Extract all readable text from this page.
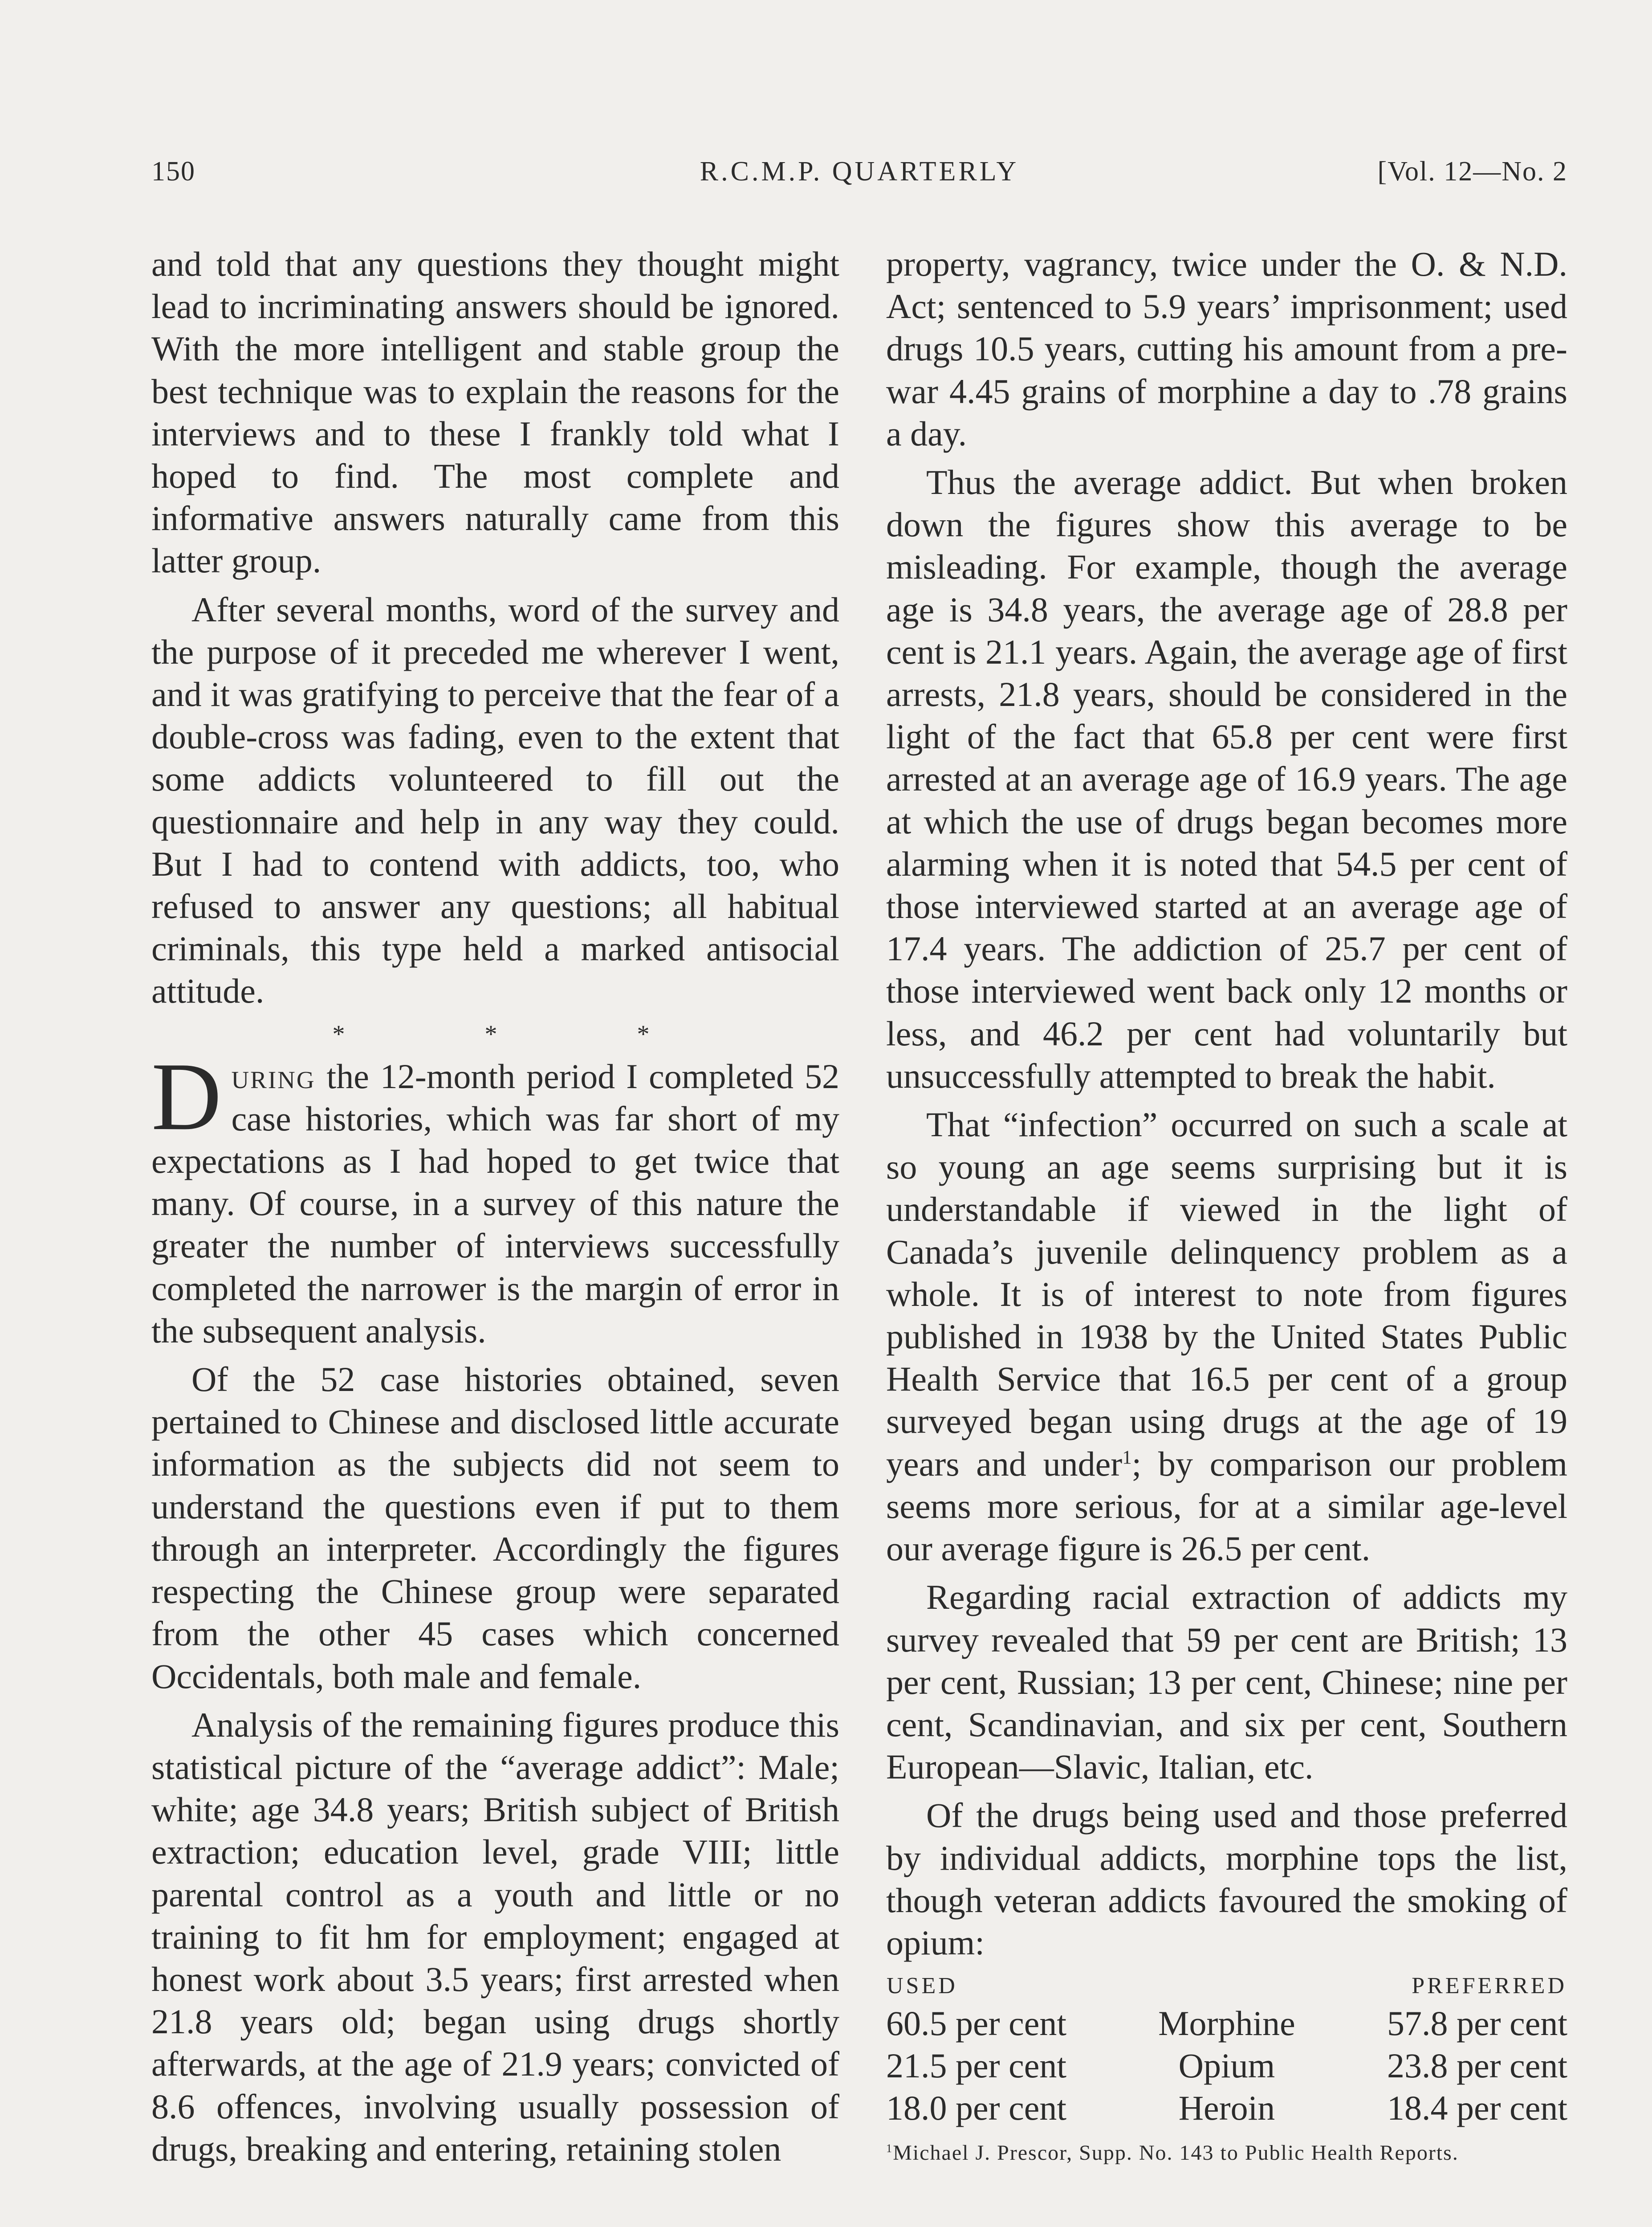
150	R.C.M.P. QUARTERLY	[Vol. 12—No. 2

and told that any questions they thought might lead to incriminating answers should be ignored. With the more intelligent and stable group the best technique was to explain the reasons for the interviews and to these I frankly told what I hoped to find. The most complete and informative answers naturally came from this latter group.

After several months, word of the survey and the purpose of it preceded me wherever I went, and it was gratifying to perceive that the fear of a double-cross was fading, even to the extent that some addicts volunteered to fill out the questionnaire and help in any way they could. But I had to contend with addicts, too, who refused to answer any questions; all habitual criminals, this type held a marked antisocial attitude.

* * *

During the 12-month period I completed 52 case histories, which was far short of my expectations as I had hoped to get twice that many. Of course, in a survey of this nature the greater the number of interviews successfully completed the narrower is the margin of error in the subsequent analysis.

Of the 52 case histories obtained, seven pertained to Chinese and disclosed little accurate information as the subjects did not seem to understand the questions even if put to them through an interpreter. Accordingly the figures respecting the Chinese group were separated from the other 45 cases which concerned Occidentals, both male and female.

Analysis of the remaining figures produce this statistical picture of the “average addict”: Male; white; age 34.8 years; British subject of British extraction; education level, grade VIII; little parental control as a youth and little or no training to fit hm for employment; engaged at honest work about 3.5 years; first arrested when 21.8 years old; began using drugs shortly afterwards, at the age of 21.9 years; convicted of 8.6 offences, involving usually possession of drugs, breaking and entering, retaining stolen

property, vagrancy, twice under the O. & N.D. Act; sentenced to 5.9 years’ imprisonment; used drugs 10.5 years, cutting his amount from a pre-war 4.45 grains of morphine a day to .78 grains a day.

Thus the average addict. But when broken down the figures show this average to be misleading. For example, though the average age is 34.8 years, the average age of 28.8 per cent is 21.1 years. Again, the average age of first arrests, 21.8 years, should be considered in the light of the fact that 65.8 per cent were first arrested at an average age of 16.9 years. The age at which the use of drugs began becomes more alarming when it is noted that 54.5 per cent of those interviewed started at an average age of 17.4 years. The addiction of 25.7 per cent of those interviewed went back only 12 months or less, and 46.2 per cent had voluntarily but unsuccessfully attempted to break the habit.

That “infection” occurred on such a scale at so young an age seems surprising but it is understandable if viewed in the light of Canada’s juvenile delinquency problem as a whole. It is of interest to note from figures published in 1938 by the United States Public Health Service that 16.5 per cent of a group surveyed began using drugs at the age of 19 years and under$^1$; by comparison our problem seems more serious, for at a similar age-level our average figure is 26.5 per cent.

Regarding racial extraction of addicts my survey revealed that 59 per cent are British; 13 per cent, Russian; 13 per cent, Chinese; nine per cent, Scandinavian, and six per cent, Southern European—Slavic, Italian, etc.

Of the drugs being used and those preferred by individual addicts, morphine tops the list, though veteran addicts favoured the smoking of opium:

USED		PREFERRED
60.5 per cent	Morphine	57.8 per cent
21.5 per cent	Opium	23.8 per cent
18.0 per cent	Heroin	18.4 per cent
$^1$Michael J. Prescor, Supp. No. 143 to Public Health Reports.
